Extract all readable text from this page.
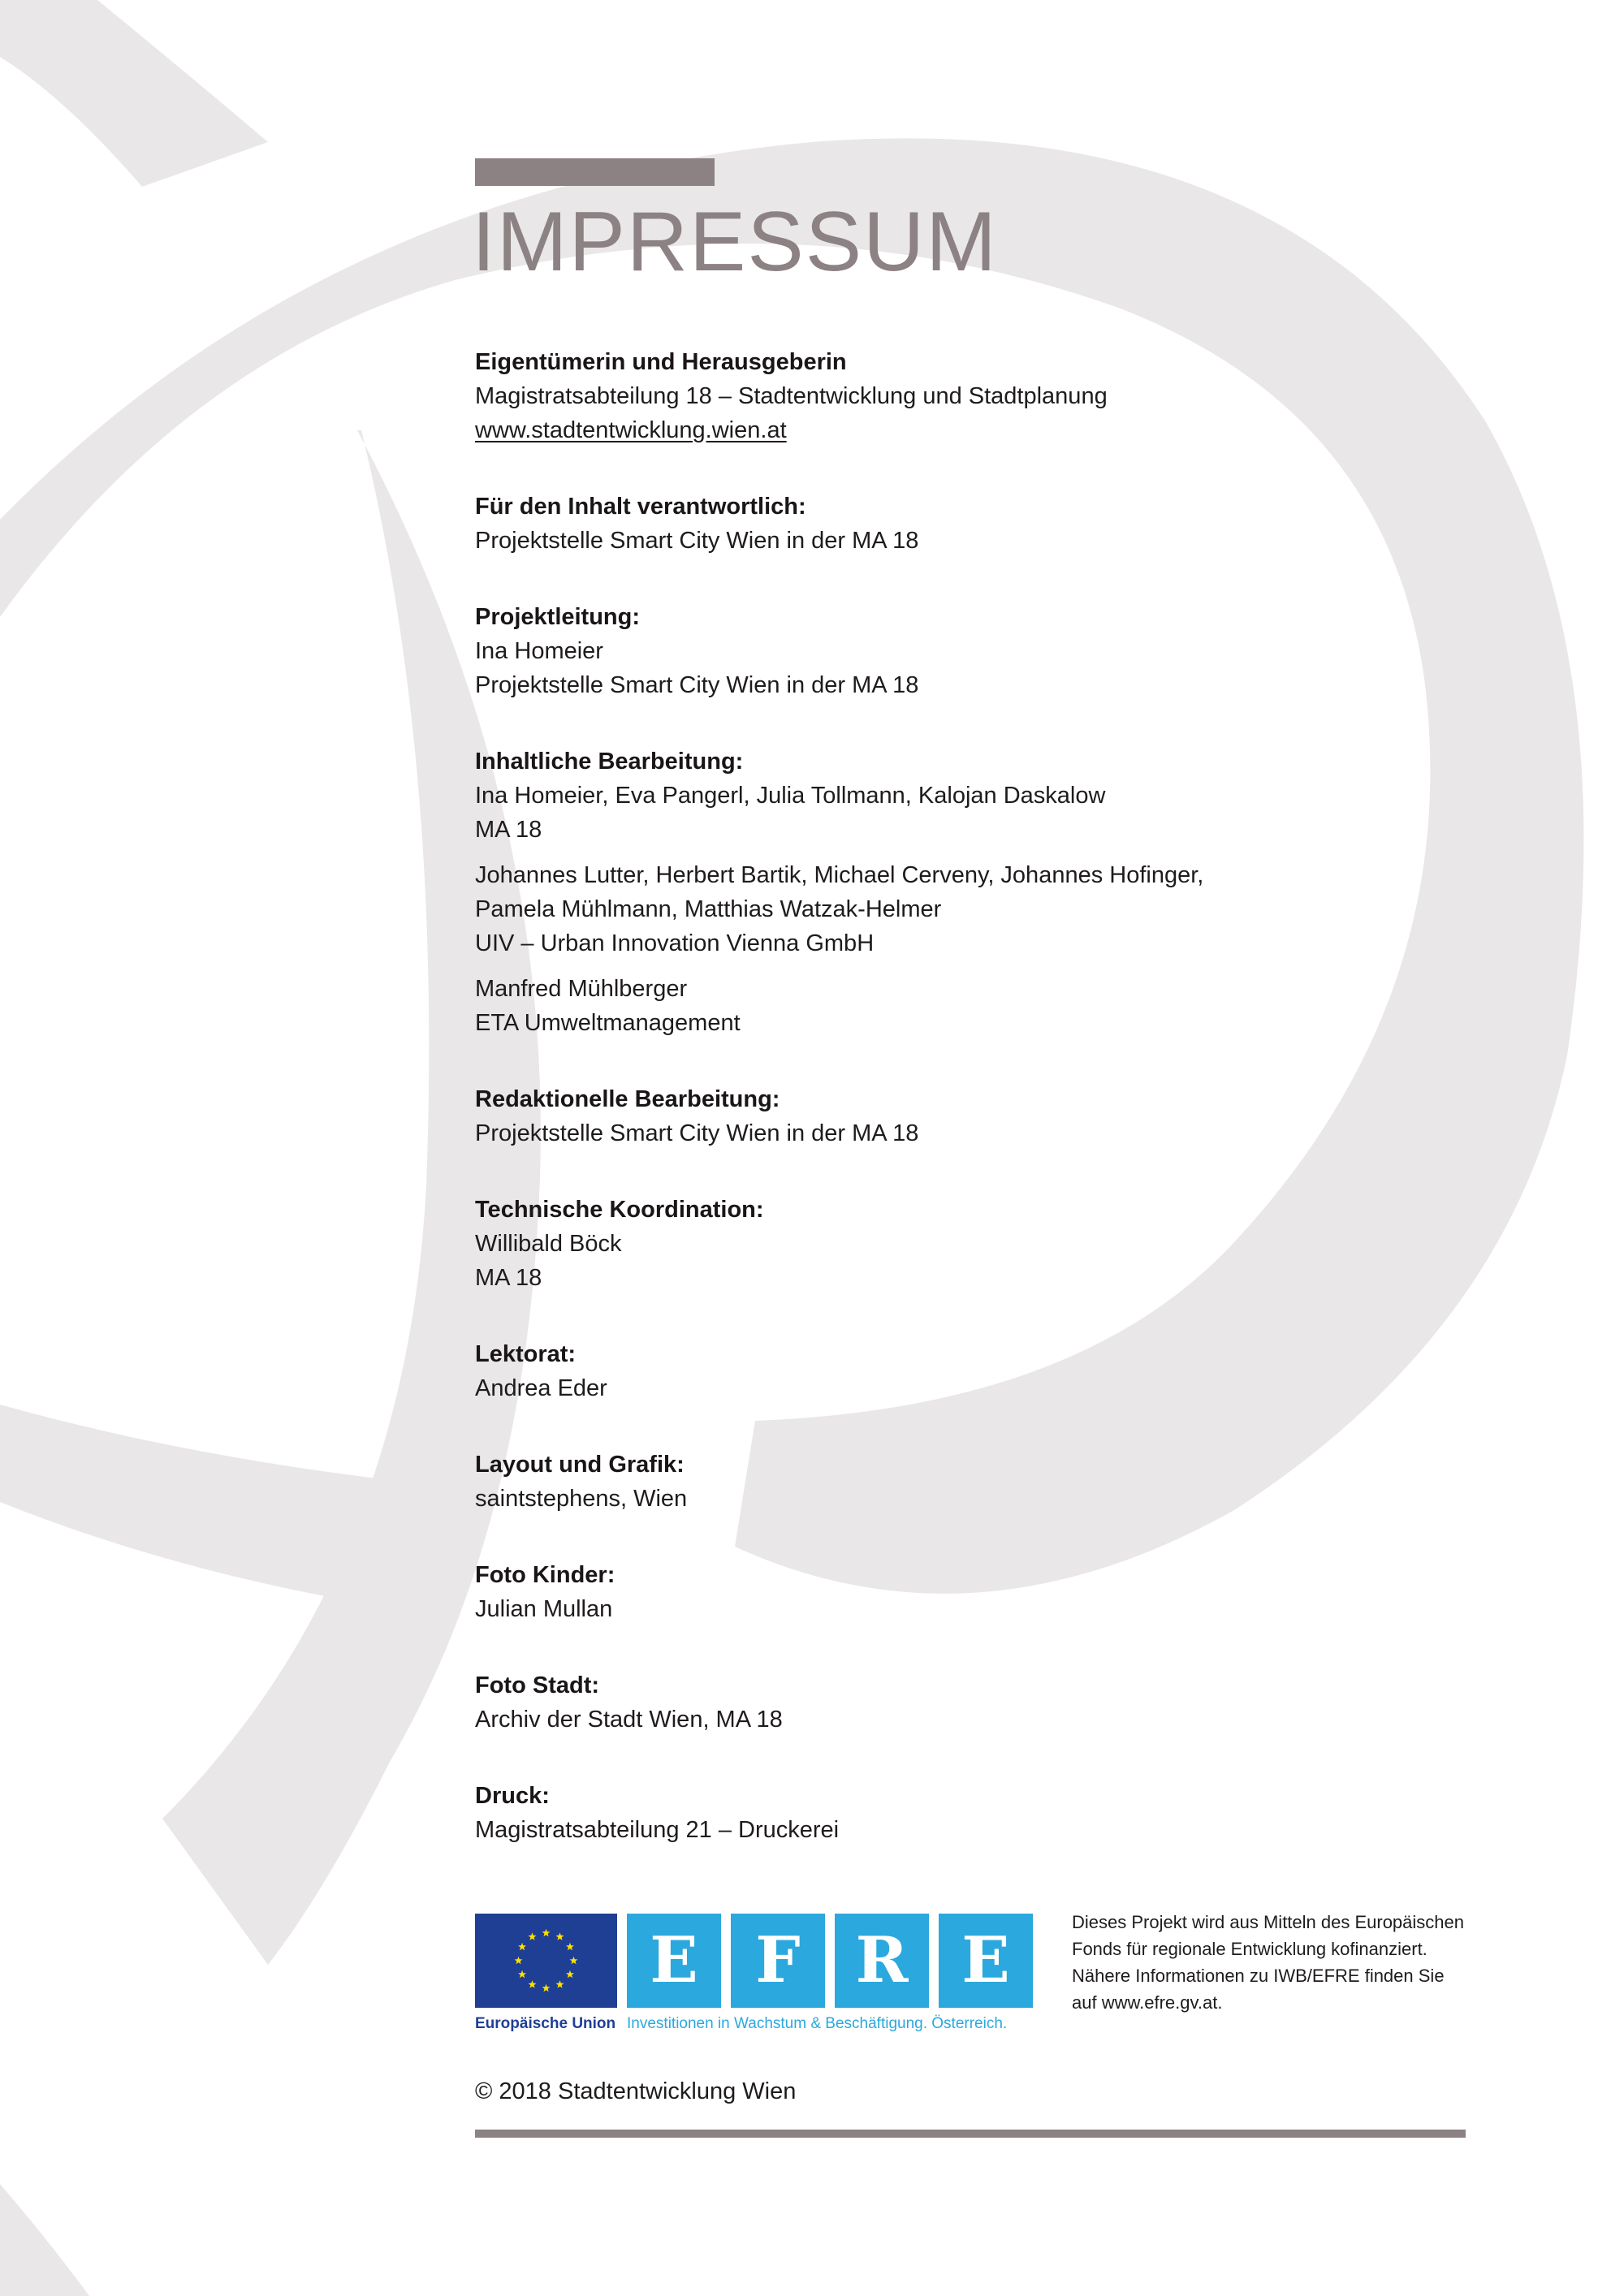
IMPRESSUM
Eigentümerin und Herausgeberin
Magistratsabteilung 18 – Stadtentwicklung und Stadtplanung
www.stadtentwicklung.wien.at
Für den Inhalt verantwortlich:
Projektstelle Smart City Wien in der MA 18
Projektleitung:
Ina Homeier
Projektstelle Smart City Wien in der MA 18
Inhaltliche Bearbeitung:
Ina Homeier, Eva Pangerl, Julia Tollmann, Kalojan Daskalow
MA 18
Johannes Lutter, Herbert Bartik, Michael Cerveny, Johannes Hofinger,
Pamela Mühlmann, Matthias Watzak-Helmer
UIV – Urban Innovation Vienna GmbH
Manfred Mühlberger
ETA Umweltmanagement
Redaktionelle Bearbeitung:
Projektstelle Smart City Wien in der MA 18
Technische Koordination:
Willibald Böck
MA 18
Lektorat:
Andrea Eder
Layout und Grafik:
saintstephens, Wien
Foto Kinder:
Julian Mullan
Foto Stadt:
Archiv der Stadt Wien, MA 18
Druck:
Magistratsabteilung 21 – Druckerei
Europäische Union
E F R E
Investitionen in Wachstum & Beschäftigung. Österreich.
Dieses Projekt wird aus Mitteln des Europäischen
Fonds für regionale Entwicklung kofinanziert.
Nähere Informationen zu IWB/EFRE finden Sie
auf www.efre.gv.at.
© 2018 Stadtentwicklung Wien
